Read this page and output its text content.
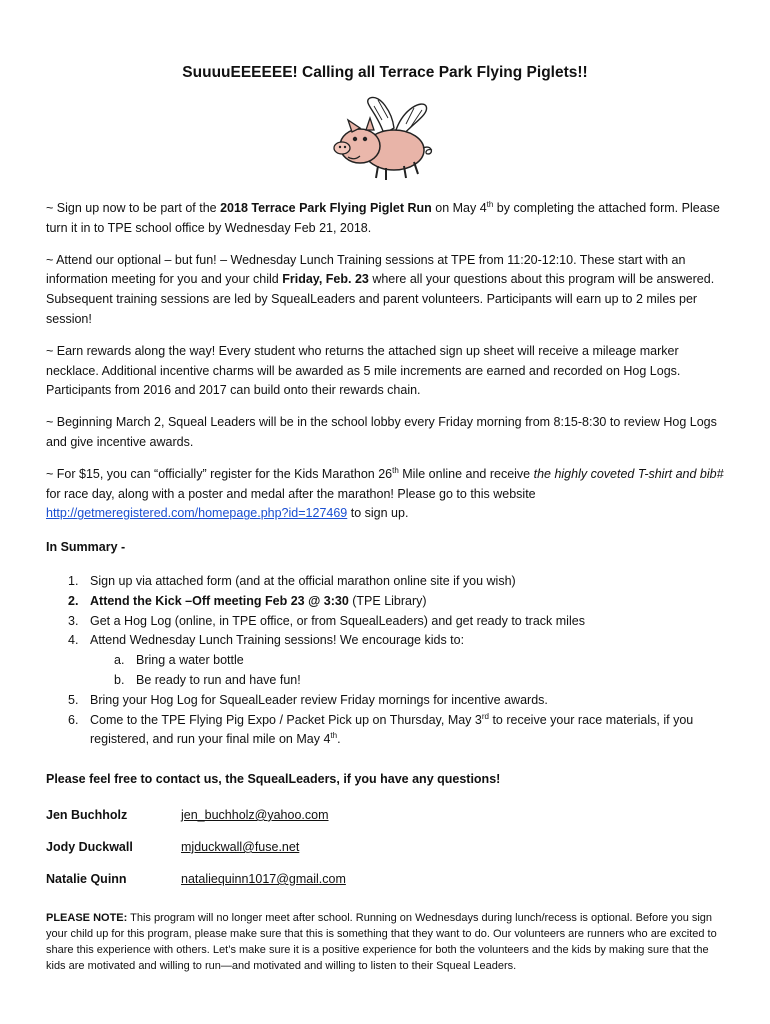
SuuuuEEEEEE! Calling all Terrace Park Flying Piglets!!

~ Sign up now to be part of the 2018 Terrace Park Flying Piglet Run on May 4th by completing the attached form. Please turn it in to TPE school office by Wednesday Feb 21, 2018.

~ Attend our optional – but fun! – Wednesday Lunch Training sessions at TPE from 11:20-12:10. These start with an information meeting for you and your child Friday, Feb. 23 where all your questions about this program will be answered. Subsequent training sessions are led by SquealLeaders and parent volunteers. Participants will earn up to 2 miles per session!

~ Earn rewards along the way! Every student who returns the attached sign up sheet will receive a mileage marker necklace. Additional incentive charms will be awarded as 5 mile increments are earned and recorded on Hog Logs. Participants from 2016 and 2017 can build onto their rewards chain.

~ Beginning March 2, Squeal Leaders will be in the school lobby every Friday morning from 8:15-8:30 to review Hog Logs and give incentive awards.

~ For $15, you can “officially” register for the Kids Marathon 26th Mile online and receive the highly coveted T-shirt and bib# for race day, along with a poster and medal after the marathon! Please go to this website http://getmeregistered.com/homepage.php?id=127469 to sign up.

In Summary -
1. Sign up via attached form (and at the official marathon online site if you wish)
2. Attend the Kick –Off meeting Feb 23 @ 3:30 (TPE Library)
3. Get a Hog Log (online, in TPE office, or from SquealLeaders) and get ready to track miles
4. Attend Wednesday Lunch Training sessions! We encourage kids to:
a. Bring a water bottle
b. Be ready to run and have fun!
5. Bring your Hog Log for SquealLeader review Friday mornings for incentive awards.
6. Come to the TPE Flying Pig Expo / Packet Pick up on Thursday, May 3rd to receive your race materials, if you registered, and run your final mile on May 4th.
Please feel free to contact us, the SquealLeaders, if you have any questions!
Jen Buchholz	jen_buchholz@yahoo.com
Jody Duckwall	mjduckwall@fuse.net
Natalie Quinn	nataliequinn1017@gmail.com
PLEASE NOTE: This program will no longer meet after school. Running on Wednesdays during lunch/recess is optional. Before you sign your child up for this program, please make sure that this is something that they want to do. Our volunteers are runners who are excited to share this experience with others. Let’s make sure it is a positive experience for both the volunteers and the kids by making sure that the kids are motivated and willing to run—and motivated and willing to listen to their Squeal Leaders.
